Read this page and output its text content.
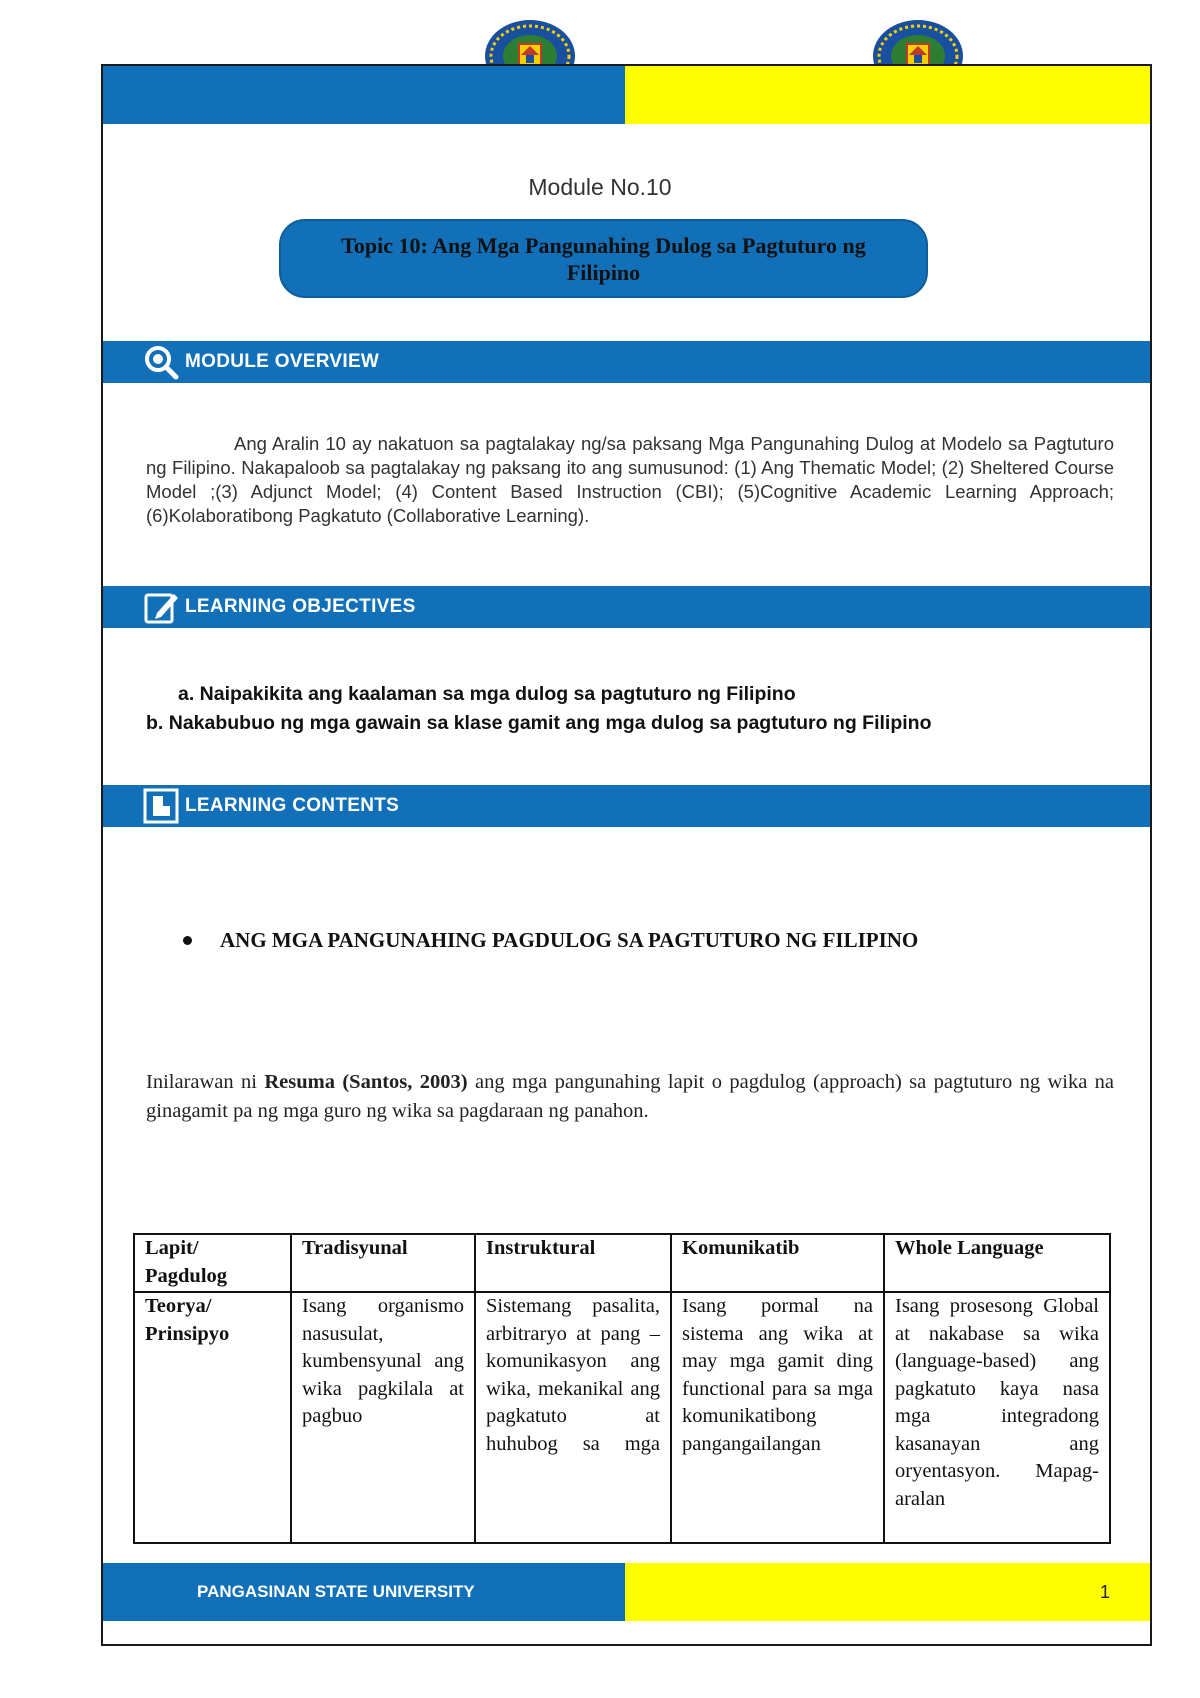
Module No.10
Topic 10: Ang Mga Pangunahing Dulog sa Pagtuturo ng Filipino
MODULE OVERVIEW
Ang Aralin 10 ay nakatuon sa pagtalakay ng/sa paksang Mga Pangunahing Dulog at Modelo sa Pagtuturo ng Filipino. Nakapaloob sa pagtalakay ng paksang ito ang sumusunod: (1) Ang Thematic Model; (2) Sheltered Course Model ;(3) Adjunct Model; (4) Content Based Instruction (CBI); (5)Cognitive Academic Learning Approach; (6)Kolaboratibong Pagkatuto (Collaborative Learning).
LEARNING OBJECTIVES
a. Naipakikita ang kaalaman sa mga dulog sa pagtuturo ng Filipino
b. Nakabubuo ng mga gawain sa klase gamit ang mga dulog sa pagtuturo ng Filipino
LEARNING CONTENTS
ANG MGA PANGUNAHING PAGDULOG SA PAGTUTURO NG FILIPINO
Inilarawan ni Resuma (Santos, 2003) ang mga pangunahing lapit o pagdulog (approach) sa pagtuturo ng wika na ginagamit pa ng mga guro ng wika sa pagdaraan ng panahon.
Lapit/ Pagdulog	Tradisyunal	Instruktural	Komunikatib	Whole Language
Teorya/ Prinsipyo	Isang organismo nasusulat, kumbensyunal ang wika pagkilala at pagbuo	Sistemang pasalita, arbitraryo at pang – komunikasyon ang wika, mekanikal ang pagkatuto at huhubog sa mga	Isang pormal na sistema ang wika at may mga gamit ding functional para sa mga komunikatibong pangangailangan	Isang prosesong Global at nakabase sa wika (language-based) ang pagkatuto kaya nasa mga integradong kasanayan ang oryentasyon. Mapag-aralan
PANGASINAN STATE UNIVERSITY	1
